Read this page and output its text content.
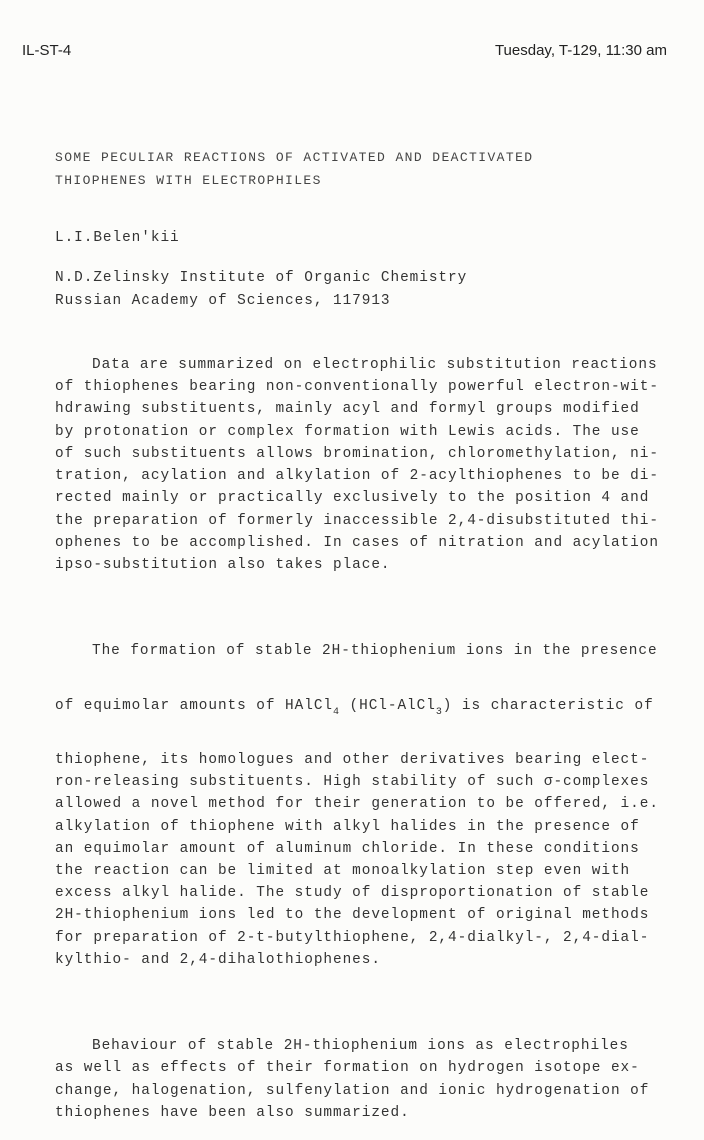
IL-ST-4	Tuesday, T-129, 11:30 am
SOME PECULIAR REACTIONS OF ACTIVATED AND DEACTIVATED
THIOPHENES WITH ELECTROPHILES
L.I.Belen'kii
N.D.Zelinsky Institute of Organic Chemistry
Russian Academy of Sciences, 117913

Data are summarized on electrophilic substitution reactions
of thiophenes bearing non-conventionally powerful electron-wit-
hdrawing substituents, mainly acyl and formyl groups modified
by protonation or complex formation with Lewis acids. The use
of such substituents allows bromination, chloromethylation, ni-
tration, acylation and alkylation of 2-acylthiophenes to be di-
rected mainly or practically exclusively to the position 4 and
the preparation of formerly inaccessible 2,4-disubstituted thi-
ophenes to be accomplished. In cases of nitration and acylation
ipso-substitution also takes place.

The formation of stable 2H-thiophenium ions in the presence

of equimolar amounts of HAlCl$_4$ (HCl-AlCl$_3$) is characteristic of

thiophene, its homologues and other derivatives bearing elect-
ron-releasing substituents. High stability of such σ-complexes
allowed a novel method for their generation to be offered, i.e.
alkylation of thiophene with alkyl halides in the presence of
an equimolar amount of aluminum chloride. In these conditions
the reaction can be limited at monoalkylation step even with
excess alkyl halide. The study of disproportionation of stable
2H-thiophenium ions led to the development of original methods
for preparation of 2-t-butylthiophene, 2,4-dialkyl-, 2,4-dial-
kylthio- and 2,4-dihalothiophenes.

Behaviour of stable 2H-thiophenium ions as electrophiles
as well as effects of their formation on hydrogen isotope ex-
change, halogenation, sulfenylation and ionic hydrogenation of
thiophenes have been also summarized.
